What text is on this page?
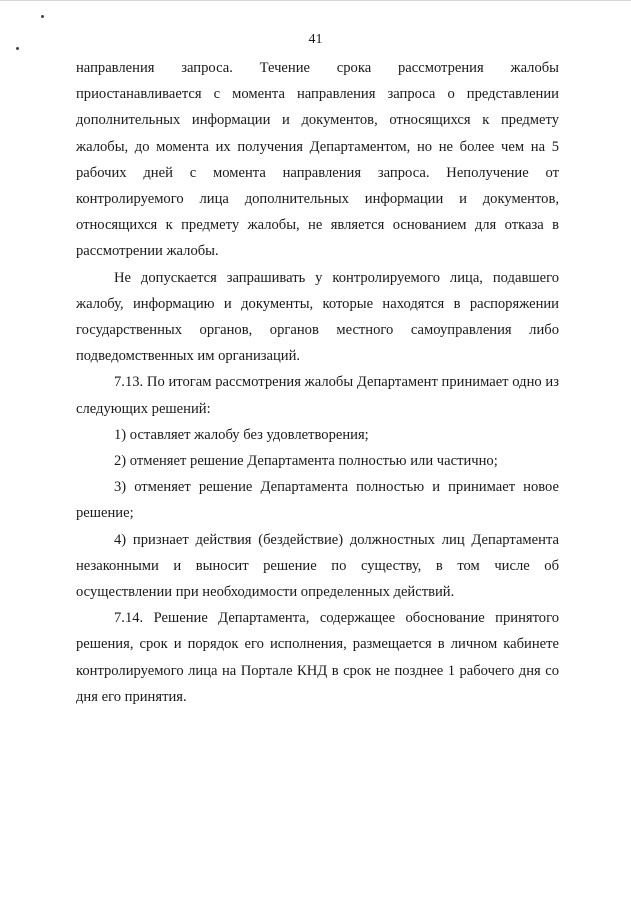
41

направления запроса. Течение срока рассмотрения жалобы приостанавливается с момента направления запроса о представлении дополнительных информации и документов, относящихся к предмету жалобы, до момента их получения Департаментом, но не более чем на 5 рабочих дней с момента направления запроса. Неполучение от контролируемого лица дополнительных информации и документов, относящихся к предмету жалобы, не является основанием для отказа в рассмотрении жалобы.

Не допускается запрашивать у контролируемого лица, подавшего жалобу, информацию и документы, которые находятся в распоряжении государственных органов, органов местного самоуправления либо подведомственных им организаций.

7.13. По итогам рассмотрения жалобы Департамент принимает одно из следующих решений:

1) оставляет жалобу без удовлетворения;

2) отменяет решение Департамента полностью или частично;

3) отменяет решение Департамента полностью и принимает новое решение;

4) признает действия (бездействие) должностных лиц Департамента незаконными и выносит решение по существу, в том числе об осуществлении при необходимости определенных действий.

7.14. Решение Департамента, содержащее обоснование принятого решения, срок и порядок его исполнения, размещается в личном кабинете контролируемого лица на Портале КНД в срок не позднее 1 рабочего дня со дня его принятия.
